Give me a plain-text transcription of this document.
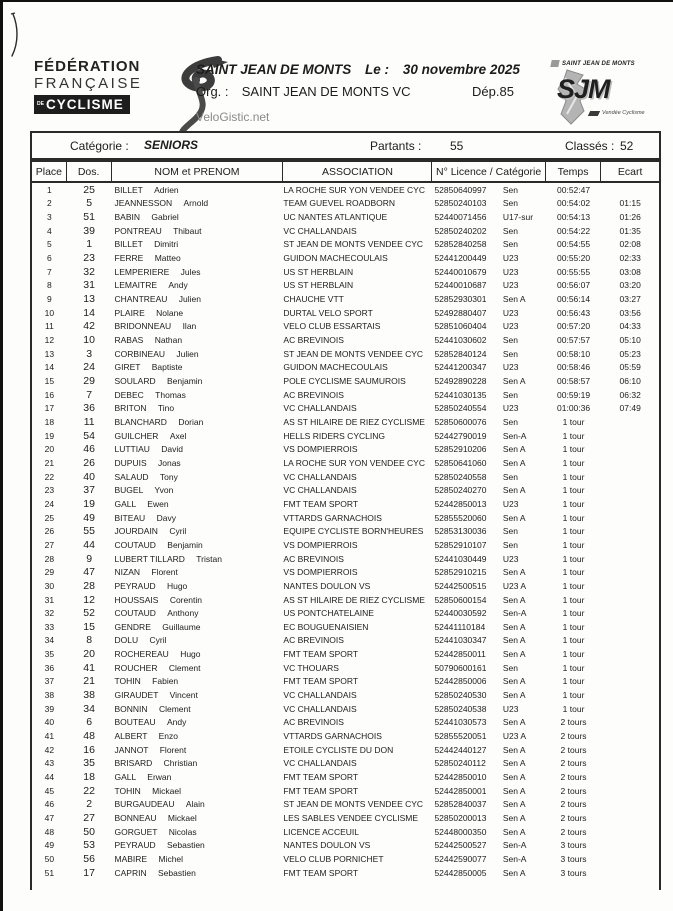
FÉDÉRATION
FRANÇAISE
DE CYCLISME
SAINT JEAN DE MONTS Le : 30 novembre 2025
Org. : SAINT JEAN DE MONTS VC	Dép.85
VeloGistic.net
SAINT JEAN DE MONTS
SJM
Vendée Cyclisme
Catégorie : SENIORS	Partants : 55	Classés : 52
Place	Dos.	NOM et PRENOM	ASSOCIATION	N° Licence / Catégorie	Temps	Ecart
1	25	BILLET Adrien	LA ROCHE SUR YON VENDEE CYC	52850640997 Sen	00:52:47
2	5	JEANNESSON Arnold	TEAM GUEVEL ROADBORN	52850240103 Sen	00:54:02	01:15
3	51	BABIN Gabriel	UC NANTES ATLANTIQUE	52440071456 U17-sur	00:54:13	01:26
4	39	PONTREAU Thibaut	VC CHALLANDAIS	52850240202 Sen	00:54:22	01:35
5	1	BILLET Dimitri	ST JEAN DE MONTS VENDEE CYC	52852840258 Sen	00:54:55	02:08
6	23	FERRE Matteo	GUIDON MACHECOULAIS	52441200449 U23	00:55:20	02:33
7	32	LEMPERIERE Jules	US ST HERBLAIN	52440010679 U23	00:55:55	03:08
8	31	LEMAITRE Andy	US ST HERBLAIN	52440010687 U23	00:56:07	03:20
9	13	CHANTREAU Julien	CHAUCHE VTT	52852930301 Sen A	00:56:14	03:27
10	14	PLAIRE Nolane	DURTAL VELO SPORT	52492880407 U23	00:56:43	03:56
11	42	BRIDONNEAU Ilan	VELO CLUB ESSARTAIS	52851060404 U23	00:57:20	04:33
12	10	RABAS Nathan	AC BREVINOIS	52441030602 Sen	00:57:57	05:10
13	3	CORBINEAU Julien	ST JEAN DE MONTS VENDEE CYC	52852840124 Sen	00:58:10	05:23
14	24	GIRET Baptiste	GUIDON MACHECOULAIS	52441200347 U23	00:58:46	05:59
15	29	SOULARD Benjamin	POLE CYCLISME SAUMUROIS	52492890228 Sen A	00:58:57	06:10
16	7	DEBEC Thomas	AC BREVINOIS	52441030135 Sen	00:59:19	06:32
17	36	BRITON Tino	VC CHALLANDAIS	52850240554 U23	01:00:36	07:49
18	11	BLANCHARD Dorian	AS ST HILAIRE DE RIEZ CYCLISME	52850600076 Sen	1 tour
19	54	GUILCHER Axel	HELLS RIDERS CYCLING	52442790019 Sen-A	1 tour
20	46	LUTTIAU David	VS DOMPIERROIS	52852910206 Sen A	1 tour
21	26	DUPUIS Jonas	LA ROCHE SUR YON VENDEE CYC	52850641060 Sen A	1 tour
22	40	SALAUD Tony	VC CHALLANDAIS	52850240558 Sen	1 tour
23	37	BUGEL Yvon	VC CHALLANDAIS	52850240270 Sen A	1 tour
24	19	GALL Ewen	FMT TEAM SPORT	52442850013 U23	1 tour
25	49	BITEAU Davy	VTTARDS GARNACHOIS	52855520060 Sen A	1 tour
26	55	JOURDAIN Cyril	EQUIPE CYCLISTE BORN'HEURES	52853130036 Sen	1 tour
27	44	COUTAUD Benjamin	VS DOMPIERROIS	52852910107 Sen	1 tour
28	9	LUBERT TILLARD Tristan	AC BREVINOIS	52441030449 U23	1 tour
29	47	NIZAN Florent	VS DOMPIERROIS	52852910215 Sen A	1 tour
30	28	PEYRAUD Hugo	NANTES DOULON VS	52442500515 U23 A	1 tour
31	12	HOUSSAIS Corentin	AS ST HILAIRE DE RIEZ CYCLISME	52850600154 Sen A	1 tour
32	52	COUTAUD Anthony	US PONTCHATELAINE	52440030592 Sen-A	1 tour
33	15	GENDRE Guillaume	EC BOUGUENAISIEN	52441110184 Sen A	1 tour
34	8	DOLU Cyril	AC BREVINOIS	52441030347 Sen A	1 tour
35	20	ROCHEREAU Hugo	FMT TEAM SPORT	52442850011 Sen A	1 tour
36	41	ROUCHER Clement	VC THOUARS	50790600161 Sen	1 tour
37	21	TOHIN Fabien	FMT TEAM SPORT	52442850006 Sen A	1 tour
38	38	GIRAUDET Vincent	VC CHALLANDAIS	52850240530 Sen A	1 tour
39	34	BONNIN Clement	VC CHALLANDAIS	52850240538 U23	1 tour
40	6	BOUTEAU Andy	AC BREVINOIS	52441030573 Sen A	2 tours
41	48	ALBERT Enzo	VTTARDS GARNACHOIS	52855520051 U23 A	2 tours
42	16	JANNOT Florent	ETOILE CYCLISTE DU DON	52442440127 Sen A	2 tours
43	35	BRISARD Christian	VC CHALLANDAIS	52850240112 Sen A	2 tours
44	18	GALL Erwan	FMT TEAM SPORT	52442850010 Sen A	2 tours
45	22	TOHIN Mickael	FMT TEAM SPORT	52442850001 Sen A	2 tours
46	2	BURGAUDEAU Alain	ST JEAN DE MONTS VENDEE CYC	52852840037 Sen A	2 tours
47	27	BONNEAU Mickael	LES SABLES VENDEE CYCLISME	52850200013 Sen A	2 tours
48	50	GORGUET Nicolas	LICENCE ACCEUIL	52448000350 Sen A	2 tours
49	53	PEYRAUD Sebastien	NANTES DOULON VS	52442500527 Sen-A	3 tours
50	56	MABIRE Michel	VELO CLUB PORNICHET	52442590077 Sen-A	3 tours
51	17	CAPRIN Sebastien	FMT TEAM SPORT	52442850005 Sen A	3 tours
